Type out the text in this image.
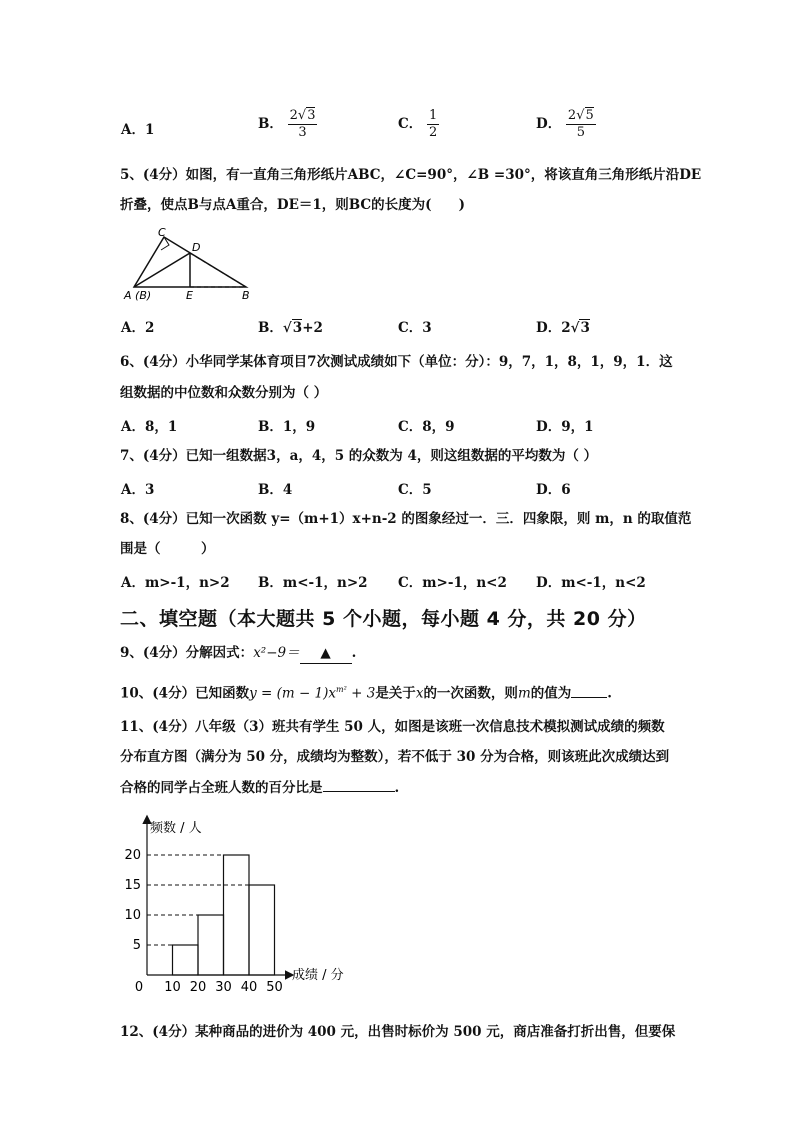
A．1	B． $\frac{2√3}{3}$	C． $\frac{1}{2}$	D． $\frac{2√5}{5}$
5、(4分）如图，有一直角三角形纸片ABC，∠C=90°，∠B =30°，将该直角三角形纸片沿DE
折叠，使点B与点A重合，DE＝1，则BC的长度为(　　)
C
D
A (B)	E	B
A．2	B．√3+2	C．3	D．2√3
6、(4分）小华同学某体育项目7次测试成绩如下（单位：分）：9，7，1，8，1，9，1．这
组数据的中位数和众数分别为（ ）
A．8，1	B．1，9	C．8，9	D．9，1
7、(4分）已知一组数据3，a，4，5 的众数为 4，则这组数据的平均数为（ ）
A．3	B．4	C．5	D．6
8、(4分）已知一次函数 y=（m+1）x+n-2 的图象经过一．三．四象限，则 m，n 的取值范
围是（　　　）
A．m>-1，n>2 B．m<-1，n>2 C．m>-1，n<2 D．m<-1，n<2
二、填空题（本大题共 5 个小题，每小题 4 分，共 20 分）
9、(4分）分解因式：x²−9＝ ▲ .
10、(4分）已知函数$y = (m - 1)x^{m^2} + 3$是关于x的一次函数，则m的值为	.
11、(4分）八年级（3）班共有学生 50 人，如图是该班一次信息技术模拟测试成绩的频数
分布直方图（满分为 50 分，成绩均为整数），若不低于 30 分为合格，则该班此次成绩达到
合格的同学占全班人数的百分比是	.
频数 / 人
成绩 / 分
5
10
15
20
0 10 20 30 40 50
12、(4分）某种商品的进价为 400 元，出售时标价为 500 元，商店准备打折出售，但要保
